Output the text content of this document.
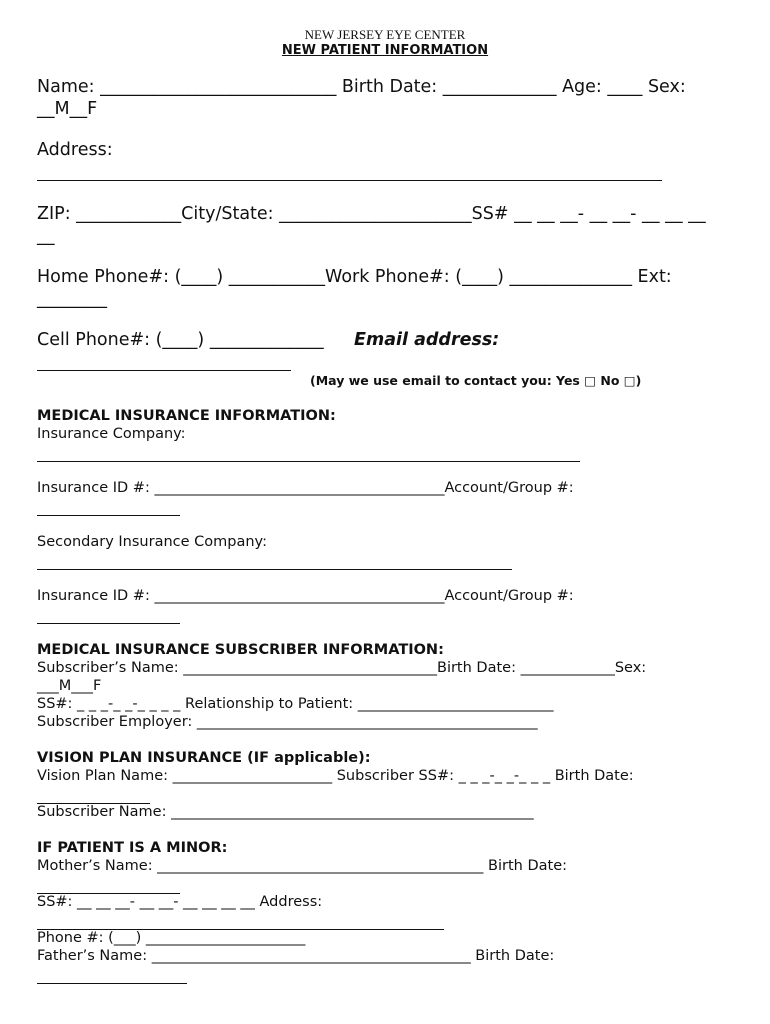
NEW JERSEY EYE CENTER
NEW PATIENT INFORMATION
Name: ___________________________ Birth Date: _____________ Age: ____ Sex:
__M__F
Address:
ZIP: ____________City/State: ______________________SS# __ __ __- __ __- __ __ __
__
Home Phone#: (____) ___________Work Phone#: (____) ______________ Ext:
________
Cell Phone#: (____) _____________ Email address:
(May we use email to contact you: Yes □ No □)
MEDICAL INSURANCE INFORMATION:
Insurance Company:
Insurance ID #: ________________________________________Account/Group #:
Secondary Insurance Company:
Insurance ID #: ________________________________________Account/Group #:
MEDICAL INSURANCE SUBSCRIBER INFORMATION:
Subscriber’s Name: ___________________________________Birth Date: _____________Sex:
___M___F
SS#: _ _ _-_ _-_ _ _ _ Relationship to Patient: ___________________________
Subscriber Employer: _______________________________________________
VISION PLAN INSURANCE (IF applicable):
Vision Plan Name: ______________________ Subscriber SS#: _ _ _-_ _-_ _ _ Birth Date:
Subscriber Name: __________________________________________________
IF PATIENT IS A MINOR:
Mother’s Name: _____________________________________________ Birth Date:
SS#: __ __ __- __ __- __ __ __ __ Address:
Phone #: (___) ______________________
Father’s Name: ____________________________________________ Birth Date:
